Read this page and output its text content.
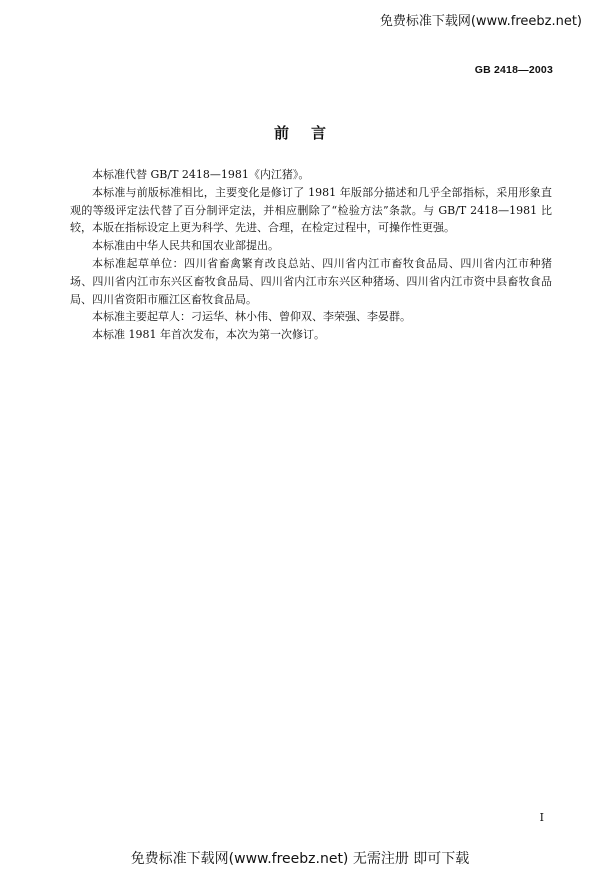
免费标准下载网(www.freebz.net)
GB 2418—2003
前言

本标准代替 GB/T 2418—1981《内江猪》。

本标准与前版标准相比，主要变化是修订了 1981 年版部分描述和几乎全部指标，采用形象直观的等级评定法代替了百分制评定法，并相应删除了“检验方法”条款。与 GB/T 2418—1981 比较，本版在指标设定上更为科学、先进、合理，在检定过程中，可操作性更强。

本标准由中华人民共和国农业部提出。

本标准起草单位：四川省畜禽繁育改良总站、四川省内江市畜牧食品局、四川省内江市种猪场、四川省内江市东兴区畜牧食品局、四川省内江市东兴区种猪场、四川省内江市资中县畜牧食品局、四川省资阳市雁江区畜牧食品局。

本标准主要起草人：刁运华、林小伟、曾仰双、李荣强、李晏群。

本标准 1981 年首次发布，本次为第一次修订。

I
免费标准下载网(www.freebz.net) 无需注册 即可下载
